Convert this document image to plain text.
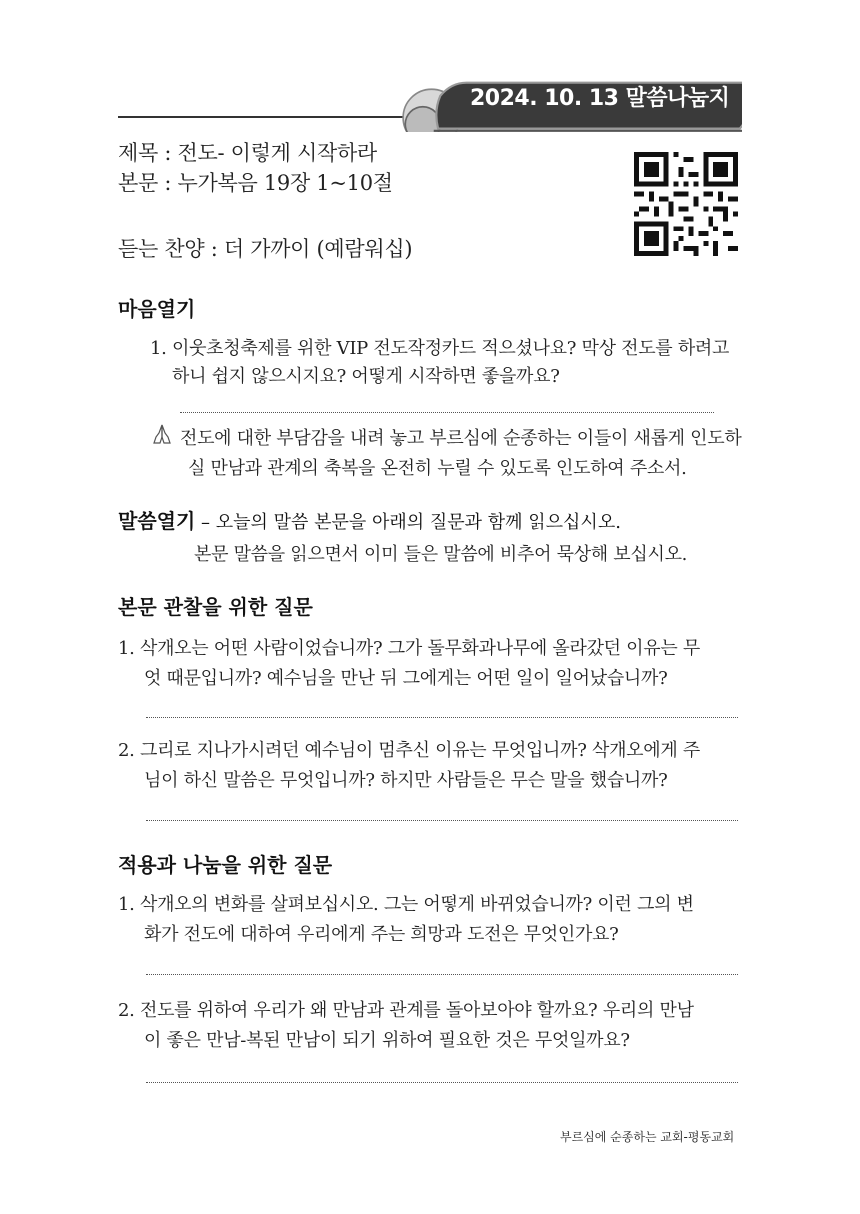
2024. 10. 13 말씀나눔지
제목 : 전도- 이렇게 시작하라
본문 : 누가복음 19장 1~10절
듣는 찬양 : 더 가까이 (예람워십)
마음열기
1. 이웃초청축제를 위한 VIP 전도작정카드 적으셨나요? 막상 전도를 하려고
하니 쉽지 않으시지요? 어떻게 시작하면 좋을까요?
전도에 대한 부담감을 내려 놓고 부르심에 순종하는 이들이 새롭게 인도하
실 만남과 관계의 축복을 온전히 누릴 수 있도록 인도하여 주소서.
말씀열기 – 오늘의 말씀 본문을 아래의 질문과 함께 읽으십시오.
본문 말씀을 읽으면서 이미 들은 말씀에 비추어 묵상해 보십시오.
본문 관찰을 위한 질문
1. 삭개오는 어떤 사람이었습니까? 그가 돌무화과나무에 올라갔던 이유는 무
엇 때문입니까? 예수님을 만난 뒤 그에게는 어떤 일이 일어났습니까?
2. 그리로 지나가시려던 예수님이 멈추신 이유는 무엇입니까? 삭개오에게 주
님이 하신 말씀은 무엇입니까? 하지만 사람들은 무슨 말을 했습니까?
적용과 나눔을 위한 질문
1. 삭개오의 변화를 살펴보십시오. 그는 어떻게 바뀌었습니까? 이런 그의 변
화가 전도에 대하여 우리에게 주는 희망과 도전은 무엇인가요?
2. 전도를 위하여 우리가 왜 만남과 관계를 돌아보아야 할까요? 우리의 만남
이 좋은 만남-복된 만남이 되기 위하여 필요한 것은 무엇일까요?
부르심에 순종하는 교회-평동교회
